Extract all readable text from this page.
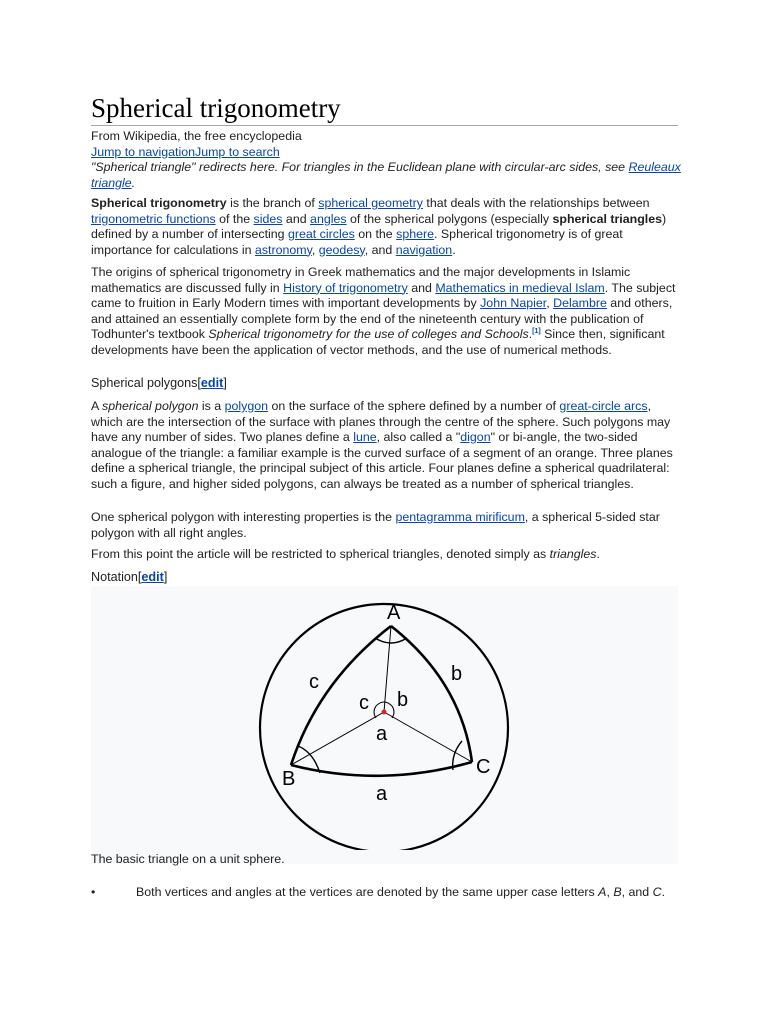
Spherical trigonometry
From Wikipedia, the free encyclopedia
Jump to navigationJump to search
"Spherical triangle" redirects here. For triangles in the Euclidean plane with circular-arc sides, see Reuleaux triangle.

Spherical trigonometry is the branch of spherical geometry that deals with the relationships between trigonometric functions of the sides and angles of the spherical polygons (especially spherical triangles) defined by a number of intersecting great circles on the sphere. Spherical trigonometry is of great importance for calculations in astronomy, geodesy, and navigation.

The origins of spherical trigonometry in Greek mathematics and the major developments in Islamic mathematics are discussed fully in History of trigonometry and Mathematics in medieval Islam. The subject came to fruition in Early Modern times with important developments by John Napier, Delambre and others, and attained an essentially complete form by the end of the nineteenth century with the publication of Todhunter's textbook Spherical trigonometry for the use of colleges and Schools.[1] Since then, significant developments have been the application of vector methods, and the use of numerical methods.

Spherical polygons[edit]

A spherical polygon is a polygon on the surface of the sphere defined by a number of great-circle arcs, which are the intersection of the surface with planes through the centre of the sphere. Such polygons may have any number of sides. Two planes define a lune, also called a "digon" or bi-angle, the two-sided analogue of the triangle: a familiar example is the curved surface of a segment of an orange. Three planes define a spherical triangle, the principal subject of this article. Four planes define a spherical quadrilateral: such a figure, and higher sided polygons, can always be treated as a number of spherical triangles.

One spherical polygon with interesting properties is the pentagramma mirificum, a spherical 5-sided star polygon with all right angles.

From this point the article will be restricted to spherical triangles, denoted simply as triangles.

Notation[edit]
A
B
C
c	b
a
c b
a
The basic triangle on a unit sphere.
•	Both vertices and angles at the vertices are denoted by the same upper case letters A, B, and C.
